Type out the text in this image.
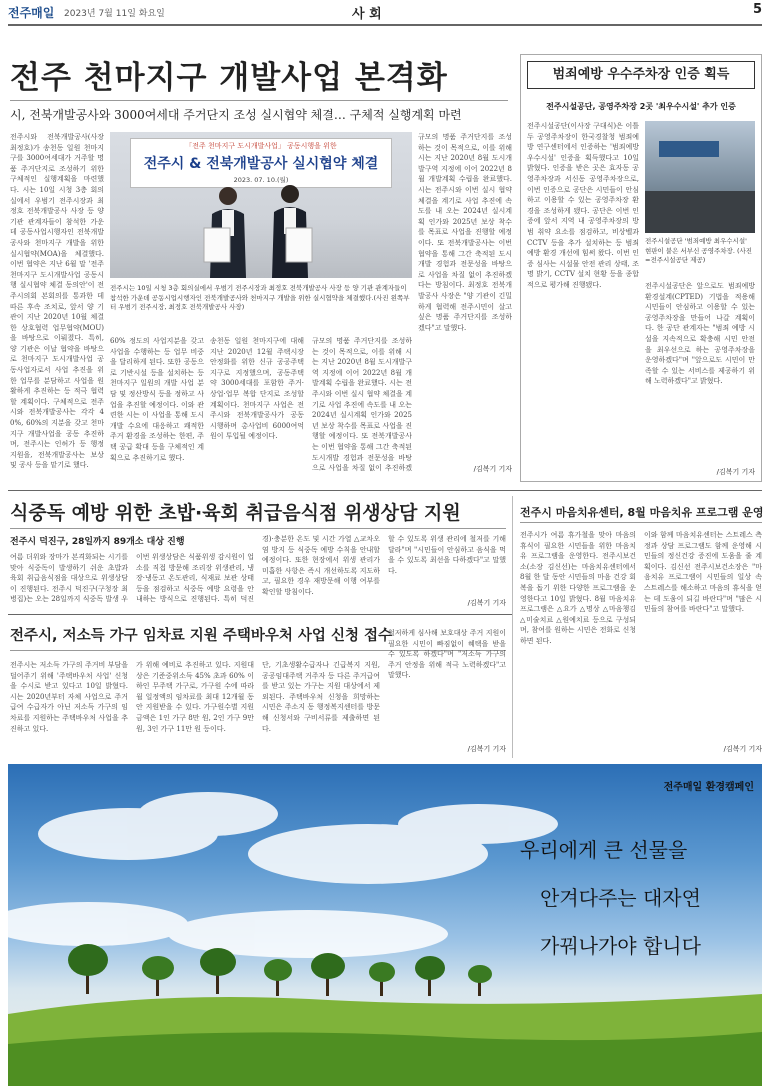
전주매일 2023년 7월 11일 화요일	사 회	5
전주 천마지구 개발사업 본격화
시, 전북개발공사와 3000여세대 주거단지 조성 실시협약 체결… 구체적 실행계획 마련
전주시와 전북개발공사(사장 최정호)가 송천동 일원 천마지구를 3000여세대가 거주할 명품 주거단지로 조성하기 위한 구체적인 실행계획을 마련했다. 시는 10일 시청 3층 회의실에서 우범기 전주시장과 최정호 전북개발공사 사장 등 양 기관 관계자들이 참석한 가운데 공동사업시행자인 전북개발공사와 천마지구 개발을 위한 실시협약(MOA)을 체결했다. 이번 협약은 지난 6월 말 '전주 천마지구 도시개발사업 공동시행 실시협약 체결 동의안'이 전주시의회 본회의를 통과한 데 따른 후속 조치로, 앞서 양 기관이 지난 2020년 10월 체결한 상호협력 업무협약(MOU)을 바탕으로 이뤄졌다. 특히, 양 기관은 이날 협약을 바탕으로 천마지구 도시개발사업 공동사업자로서 사업 추진을 위한 업무를 분담하고 사업을 원활하게 추진하는 등 적극 협력할 계획이다. 구체적으로 전주시와 전북개발공사는 각각 40%, 60%의 지분을 갖고 천마지구 개발사업을 공동 추진하며, 전주시는 인허가 등 행정 지원을, 전북개발공사는 보상 및 공사 등을 맡기로 했다.
「전주 천마지구 도시개발사업」 공동시행을 위한
전주시 & 전북개발공사 실시협약 체결
2023. 07. 10.(월)
전주시는 10일 시청 3층 회의실에서 우범기 전주시장과 최정호 전북개발공사 사장 등 양 기관 관계자들이 참석한 가운데 공동시업시행자인 전북개발공사와 천마지구 개발을 위한 실시협약을 체결했다.(사진 왼쪽부터 우범기 전주시장, 최정호 전북개발공사 사장)
60% 정도의 사업지분을 갖고 사업을 수행하는 등 업무 비중을 달리하게 된다. 또한 공동으로 기반시설 등을 설치하는 등 천마지구 일원의 개발 사업 분담 및 정산방식 등을 정하고 사업을 추진할 예정이다. 이와 관련한 시는 이 사업을 통해 도시 개발 수요에 대응하고 쾌적한 주거 환경을 조성하는 한편, 주택 공급 확대 등을 구체적인 계획으로 추진하기로 했다.
송천동 일원 천마지구에 대해 지난 2020년 12월 주택시장 안정화를 위한 신규 공공주택지구로 지정했으며, 공동주택 약 3000세대를 포함한 주거·상업·업무 복합 단지로 조성할 계획이다. 천마지구 사업은 전주시와 전북개발공사가 공동 시행하며 총사업비 6000여억 원이 투입될 예정이다.
규모의 명품 주거단지를 조성하는 것이 목적으로, 이를 위해 시는 지난 2020년 8월 도시개발구역 지정에 이어 2022년 8월 개발계획 수립을 완료했다. 시는 전주시와 이번 실시 협약 체결을 계기로 사업 추진에 속도를 내 오는 2024년 실시계획 인가와 2025년 보상 착수를 목표로 사업을 진행할 예정이다. 또 전북개발공사는 이번 협약을 통해 그간 축적된 도시개발 경험과 전문성을 바탕으로 사업을 차질 없이 추진하겠
규모의 명품 주거단지를 조성하는 것이 목적으로, 이를 위해 시는 지난 2020년 8월 도시개발구역 지정에 이어 2022년 8월 개발계획 수립을 완료했다. 시는 전주시와 이번 실시 협약 체결을 계기로 사업 추진에 속도를 내 오는 2024년 실시계획 인가와 2025년 보상 착수를 목표로 사업을 진행할 예정이다. 또 전북개발공사는 이번 협약을 통해 그간 축적된 도시개발 경험과 전문성을 바탕으로 사업을 차질 없이 추진하겠다는 방침이다. 최정호 전북개발공사 사장은 "양 기관이 긴밀하게 협력해 전주시민이 살고 싶은 명품 주거단지를 조성하겠다"고 말했다.
/김복기 기자
범죄예방 우수주차장 인증 획득
전주시설공단, 공영주차장 2곳 '최우수시설' 추가 인증
전주시설공단(이사장 구대식)은 이틀 두 공영주차장이 한국경찰청 범죄예방 연구센터에서 인증하는 '범죄예방 우수시설' 인증을 획득했다고 10일 밝혔다. 인증을 받은 곳은 효자동 공영주차장과 서신동 공영주차장으로, 이번 인증으로 공단은 시민들이 안심하고 이용할 수 있는 공영주차장 환경을 조성하게 됐다. 공단은 이번 인증에 앞서 지역 내 공영주차장의 방범 취약 요소를 점검하고, 비상벨과 CCTV 등을 추가 설치하는 등 범죄예방 환경 개선에 힘써 왔다. 이번 인증 심사는 시설물 안전 관리 상태, 조명 밝기, CCTV 설치 현황 등을 종합적으로 평가해 진행됐다.
전주시설공단 '범죄예방 최우수시설' 현판이 붙은 서부신 공영주차장. (사진=전주시설공단 제공)
전주시설공단은 앞으로도 범죄예방 환경설계(CPTED) 기법을 적용해 시민들이 안심하고 이용할 수 있는 공영주차장을 만들어 나갈 계획이다. 한 공단 관계자는 "범죄 예방 시설을 지속적으로 확충해 시민 안전을 최우선으로 하는 공영주차장을 운영하겠다"며 "앞으로도 시민이 만족할 수 있는 서비스를 제공하기 위해 노력하겠다"고 밝혔다.
/김복기 기자
식중독 예방 위한 초밥·육회 취급음식점 위생상담 지원
전주시 덕진구, 28일까지 89개소 대상 진행
여름 더위와 장마가 본격화되는 시기를 맞아 식중독이 발생하기 쉬운 초밥과 육회 취급음식점을 대상으로 위생상담이 진행된다. 전주시 덕진구(구청장 최병집)는 오는 28일까지 식중독 발생 우
이번 위생상담은 식품위생 감시원이 업소를 직접 방문해 조리장 위생관리, 냉장·냉동고 온도관리, 식재료 보관 상태 등을 점검하고 식중독 예방 요령을 안내하는 방식으로 진행된다. 특히 덕진
경)·충분한 온도 및 시간 가열 △교차오염 방지 등 식중독 예방 수칙을 안내할 예정이다. 또한 현장에서 위생 관리가 미흡한 사항은 즉시 개선하도록 지도하고, 필요한 경우 재방문해 이행 여부를 확인할 방침이다.
할 수 있도록 위생 관리에 철저를 기해 달라"며 "시민들이 안심하고 음식을 먹을 수 있도록 최선을 다하겠다"고 말했다.
/김복기 기자
전주시 마음치유센터, 8월 마음치유 프로그램 운영
전주시가 여름 휴가철을 맞아 마음의 휴식이 필요한 시민들을 위한 마음치유 프로그램을 운영한다. 전주시보건소(소장 김신선)는 마음치유센터에서 8월 한 달 동안 시민들의 마음 건강 회복을 돕기 위한 다양한 프로그램을 운영한다고 10일 밝혔다. 8월 마음치유 프로그램은 △요가 △명상 △마음챙김 △미술치료 △원예치료 등으로 구성되며, 참여를 원하는 시민은 전화로 신청하면 된다.
이와 함께 마음치유센터는 스트레스 측정과 상담 프로그램도 함께 운영해 시민들의 정신건강 증진에 도움을 줄 계획이다. 김신선 전주시보건소장은 "마음치유 프로그램이 시민들의 일상 속 스트레스를 해소하고 마음의 휴식을 얻는 데 도움이 되길 바란다"며 "많은 시민들의 참여를 바란다"고 말했다.
/김복기 기자
전주시, 저소득 가구 임차료 지원 주택바우처 사업 신청 접수
전주시는 저소득 가구의 주거비 부담을 덜어주기 위해 '주택바우처 사업' 신청을 수시로 받고 있다고 10일 밝혔다. 시는 2020년부터 자체 사업으로 주거급여 수급자가 아닌 저소득 가구의 임차료를 지원하는 주택바우처 사업을 추진하고 있다.
가 위해 예비로 추진하고 있다. 지원대상은 기준중위소득 45% 초과 60% 이하인 무주택 가구로, 가구원 수에 따라 월 일정액의 임차료를 최대 12개월 동안 지원받을 수 있다. 가구원수별 지원 금액은 1인 가구 8만 원, 2인 가구 9만 원, 3인 가구 11만 원 등이다.
단, 기초생활수급자나 긴급복지 지원, 공공임대주택 거주자 등 다른 주거급여를 받고 있는 가구는 지원 대상에서 제외된다. 주택바우처 신청을 희망하는 시민은 주소지 동 행정복지센터를 방문해 신청서와 구비서류를 제출하면 된다.
철저하게 심사해 보호대상 주거 지원이 필요한 시민이 빠짐없이 혜택을 받을 수 있도록 하겠다"며 "저소득 가구의 주거 안정을 위해 적극 노력하겠다"고 말했다.
/김복기 기자
전주매일 환경캠페인
우리에게 큰 선물을
안겨다주는 대자연
가꿔나가야 합니다
